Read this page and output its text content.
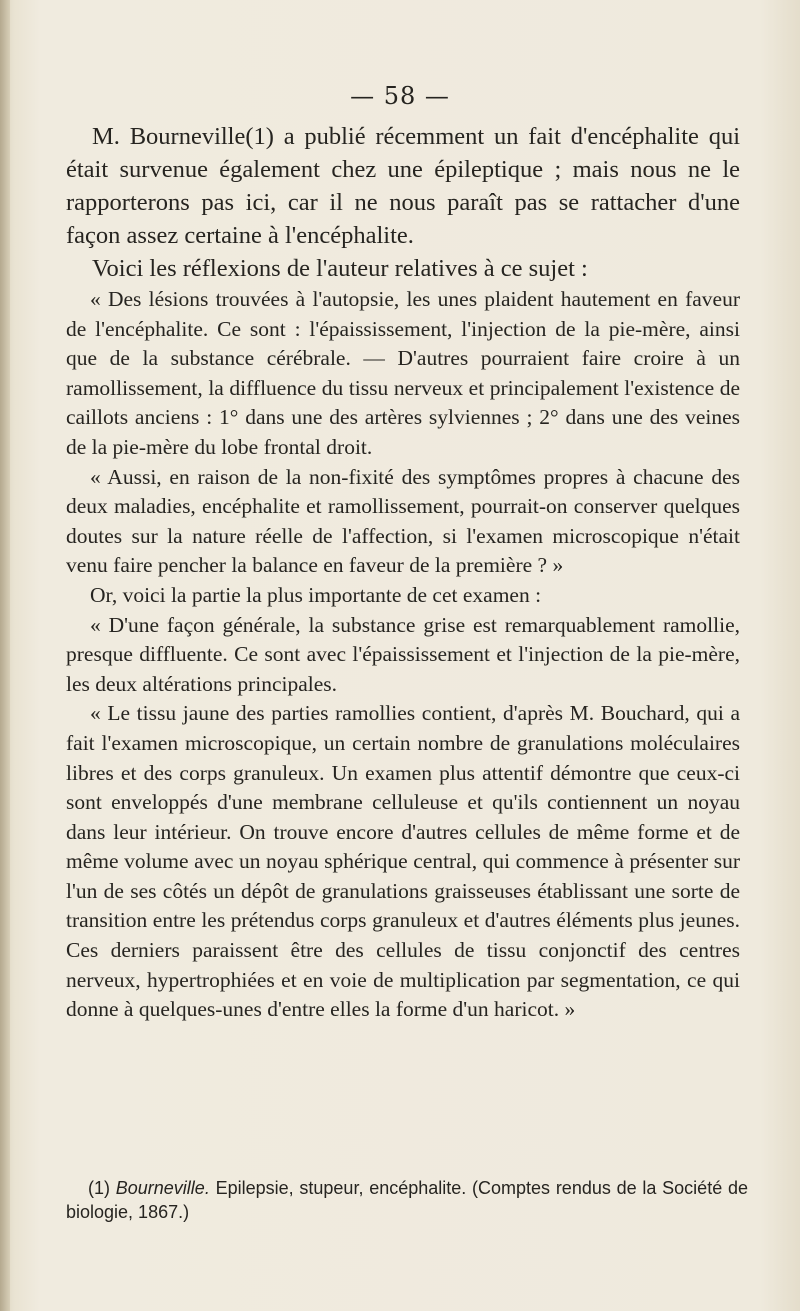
— 58 —

M. Bourneville(1) a publié récemment un fait d'encéphalite qui était survenue également chez une épileptique ; mais nous ne le rapporterons pas ici, car il ne nous paraît pas se rattacher d'une façon assez certaine à l'encéphalite.

Voici les réflexions de l'auteur relatives à ce sujet :

« Des lésions trouvées à l'autopsie, les unes plaident hautement en faveur de l'encéphalite. Ce sont : l'épaississement, l'injection de la pie-mère, ainsi que de la substance cérébrale. — D'autres pourraient faire croire à un ramollissement, la diffluence du tissu nerveux et principalement l'existence de caillots anciens : 1° dans une des artères sylviennes ; 2° dans une des veines de la pie-mère du lobe frontal droit.

« Aussi, en raison de la non-fixité des symptômes propres à chacune des deux maladies, encéphalite et ramollissement, pourrait-on conserver quelques doutes sur la nature réelle de l'affection, si l'examen microscopique n'était venu faire pencher la balance en faveur de la première ? »

Or, voici la partie la plus importante de cet examen :

« D'une façon générale, la substance grise est remarquablement ramollie, presque diffluente. Ce sont avec l'épaississement et l'injection de la pie-mère, les deux altérations principales.

« Le tissu jaune des parties ramollies contient, d'après M. Bouchard, qui a fait l'examen microscopique, un certain nombre de granulations moléculaires libres et des corps granuleux. Un examen plus attentif démontre que ceux-ci sont enveloppés d'une membrane celluleuse et qu'ils contiennent un noyau dans leur intérieur. On trouve encore d'autres cellules de même forme et de même volume avec un noyau sphérique central, qui commence à présenter sur l'un de ses côtés un dépôt de granulations graisseuses établissant une sorte de transition entre les prétendus corps granuleux et d'autres éléments plus jeunes. Ces derniers paraissent être des cellules de tissu conjonctif des centres nerveux, hypertrophiées et en voie de multiplication par segmentation, ce qui donne à quelques-unes d'entre elles la forme d'un haricot. »

(1) Bourneville. Epilepsie, stupeur, encéphalite. (Comptes rendus de la Société de biologie, 1867.)
